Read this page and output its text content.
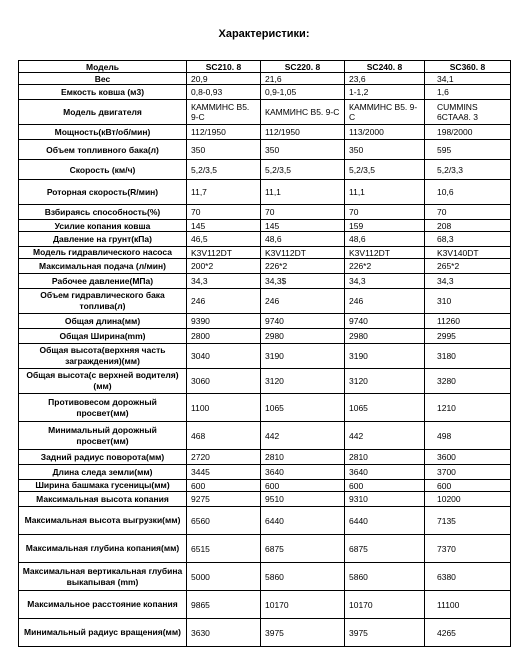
Характеристики:
Модель	SC210. 8	SC220. 8	SC240. 8	SC360. 8
Вес	20,9	21,6	23,6	34,1
Емкость ковша (м3)	0,8-0,93	0,9-1,05	1-1,2	1,6
Модель двигателя	КАММИНС B5. 9-C	КАММИНС B5. 9-C	КАММИНС B5. 9-C	CUMMINS 6CTAA8. 3
Мощность(кВт/об/мин)	112/1950	112/1950	113/2000	198/2000
Объем топливного бака(л)	350	350	350	595
Скорость (км/ч)	5,2/3,5	5,2/3,5	5,2/3,5	5,2/3,3
Роторная скорость(R/мин)	11,7	11,1	11,1	10,6
Взбираясь способность(%)	70	70	70	70
Усилие копания ковша	145	145	159	208
Давление на грунт(кПа)	46,5	48,6	48,6	68,3
Модель гидравлического насоса	K3V112DT	K3V112DT	K3V112DT	K3V140DT
Максимальная подача (л/мин)	200*2	226*2	226*2	265*2
Рабочее давление(МПа)	34,3	34,3$	34,3	34,3
Объем гидравлического бака топлива(л)	246	246	246	310
Общая длина(мм)	9390	9740	9740	11260
Общая Ширина(mm)	2800	2980	2980	2995
Общая высота(верхняя часть заграждения)(мм)	3040	3190	3190	3180
Общая высота(с верхней водителя)(мм)	3060	3120	3120	3280
Противовесом дорожный просвет(мм)	1100	1065	1065	1210
Минимальный дорожный просвет(мм)	468	442	442	498
Задний радиус поворота(мм)	2720	2810	2810	3600
Длина следа земли(мм)	3445	3640	3640	3700
Ширина башмака гусеницы(мм)	600	600	600	600
Максимальная высота копания	9275	9510	9310	10200
Максимальная высота выгрузки(мм)	6560	6440	6440	7135
Максимальная глубина копания(мм)	6515	6875	6875	7370
Максимальная вертикальная глубина выкапывая (mm)	5000	5860	5860	6380
Максимальное расстояние копания	9865	10170	10170	11100
Минимальный радиус вращения(мм)	3630	3975	3975	4265
